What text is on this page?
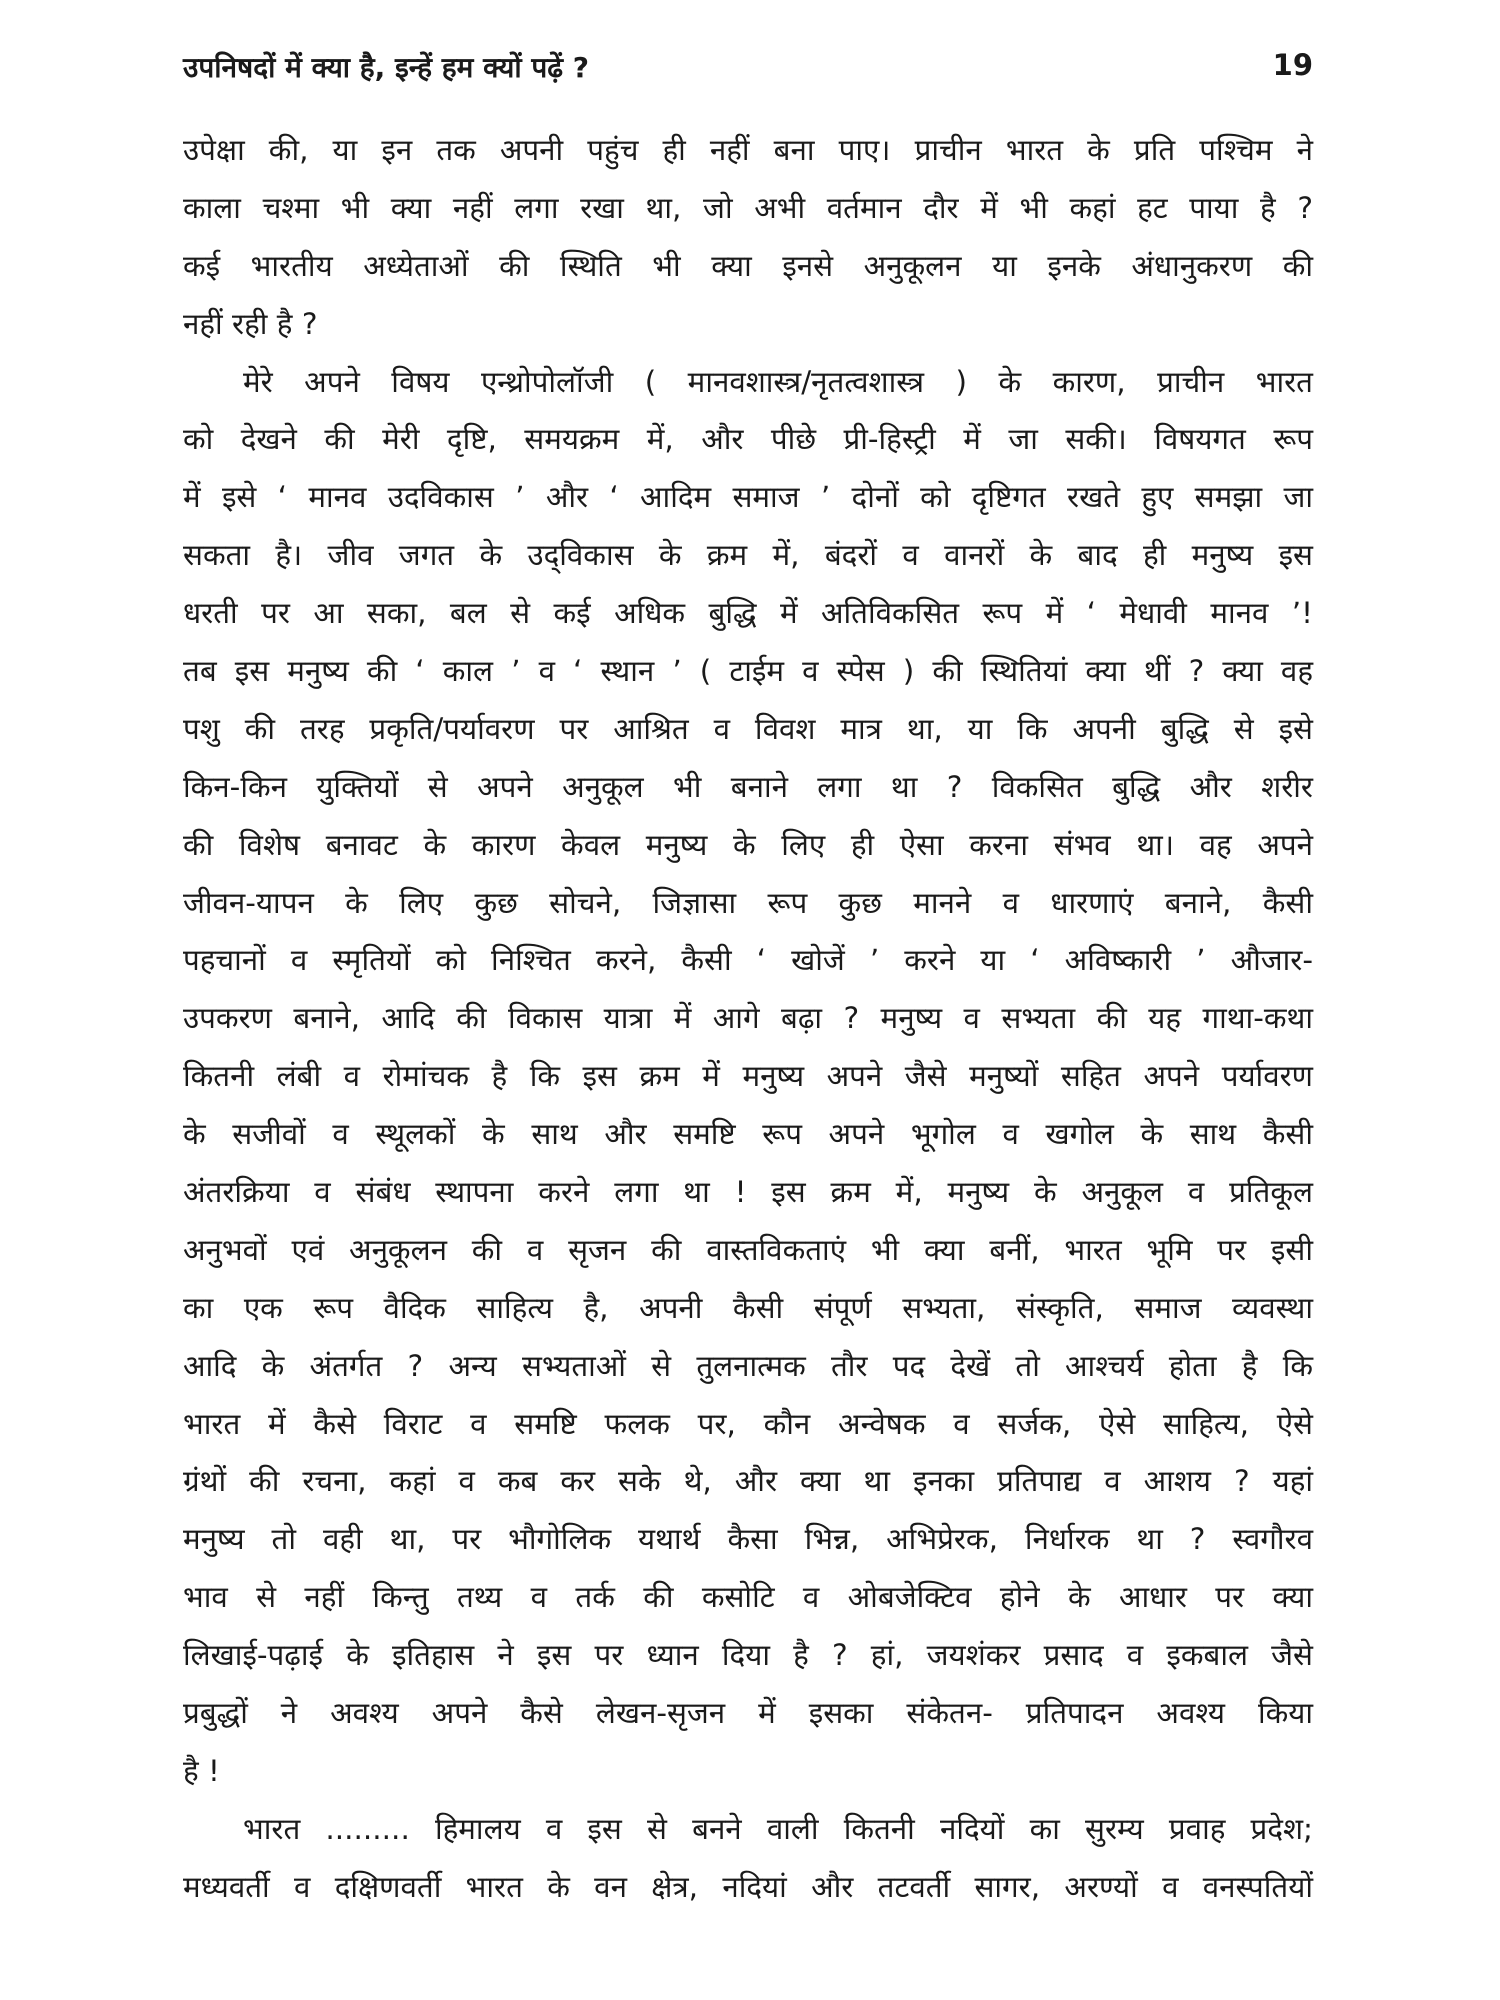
उपनिषदों में क्या है, इन्हें हम क्यों पढ़ें ?	19
उपेक्षा की, या इन तक अपनी पहुंच ही नहीं बना पाए। प्राचीन भारत के प्रति पश्चिम ने
काला चश्मा भी क्या नहीं लगा रखा था, जो अभी वर्तमान दौर में भी कहां हट पाया है ?
कई भारतीय अध्येताओं की स्थिति भी क्या इनसे अनुकूलन या इनके अंधानुकरण की
नहीं रही है ?
मेरे अपने विषय एन्थ्रोपोलॉजी ( मानवशास्त्र/नृतत्वशास्त्र ) के कारण, प्राचीन भारत
को देखने की मेरी दृष्टि, समयक्रम में, और पीछे प्री-हिस्ट्री में जा सकी। विषयगत रूप
में इसे ‘ मानव उदविकास ’ और ‘ आदिम समाज ’ दोनों को दृष्टिगत रखते हुए समझा जा
सकता है। जीव जगत के उद्‌विकास के क्रम में, बंदरों व वानरों के बाद ही मनुष्य इस
धरती पर आ सका, बल से कई अधिक बुद्धि में अतिविकसित रूप में ‘ मेधावी मानव ’!
तब इस मनुष्य की ‘ काल ’ व ‘ स्थान ’ ( टाईम व स्पेस ) की स्थितियां क्या थीं ? क्या वह
पशु की तरह प्रकृति/पर्यावरण पर आश्रित व विवश मात्र था, या कि अपनी बुद्धि से इसे
किन-किन युक्तियों से अपने अनुकूल भी बनाने लगा था ? विकसित बुद्धि और शरीर
की विशेष बनावट के कारण केवल मनुष्य के लिए ही ऐसा करना संभव था। वह अपने
जीवन-यापन के लिए कुछ सोचने, जिज्ञासा रूप कुछ मानने व धारणाएं बनाने, कैसी
पहचानों व स्मृतियों को निश्चित करने, कैसी ‘ खोजें ’ करने या ‘ अविष्कारी ’ औजार-
उपकरण बनाने, आदि की विकास यात्रा में आगे बढ़ा ? मनुष्य व सभ्यता की यह गाथा-कथा
कितनी लंबी व रोमांचक है कि इस क्रम में मनुष्य अपने जैसे मनुष्यों सहित अपने पर्यावरण
के सजीवों व स्थूलकों के साथ और समष्टि रूप अपने भूगोल व खगोल के साथ कैसी
अंतरक्रिया व संबंध स्थापना करने लगा था ! इस क्रम में, मनुष्य के अनुकूल व प्रतिकूल
अनुभवों एवं अनुकूलन की व सृजन की वास्तविकताएं भी क्या बनीं, भारत भूमि पर इसी
का एक रूप वैदिक साहित्य है, अपनी कैसी संपूर्ण सभ्यता, संस्कृति, समाज व्यवस्था
आदि के अंतर्गत ? अन्य सभ्यताओं से तुलनात्मक तौर पद देखें तो आश्चर्य होता है कि
भारत में कैसे विराट व समष्टि फलक पर, कौन अन्वेषक व सर्जक, ऐसे साहित्य, ऐसे
ग्रंथों की रचना, कहां व कब कर सके थे, और क्या था इनका प्रतिपाद्य व आशय ? यहां
मनुष्य तो वही था, पर भौगोलिक यथार्थ कैसा भिन्न, अभिप्रेरक, निर्धारक था ? स्वगौरव
भाव से नहीं किन्तु तथ्य व तर्क की कसोटि व ओबजेक्टिव होने के आधार पर क्या
लिखाई-पढ़ाई के इतिहास ने इस पर ध्यान दिया है ? हां, जयशंकर प्रसाद व इकबाल जैसे
प्रबुद्धों ने अवश्य अपने कैसे लेखन-सृजन में इसका संकेतन- प्रतिपादन अवश्य किया
है !
भारत ......... हिमालय व इस से बनने वाली कितनी नदियों का सुरम्य प्रवाह प्रदेश;
मध्यवर्ती व दक्षिणवर्ती भारत के वन क्षेत्र, नदियां और तटवर्ती सागर, अरण्यों व वनस्पतियों
